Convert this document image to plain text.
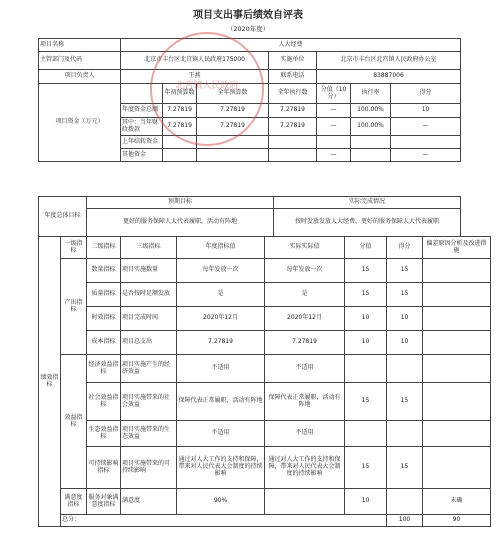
项目支出事后绩效自评表
（2020年度）
项目名称	人大经费						
主管部门及代码	北京市丰台区北宫镇人民政府175000			实施单位	北京市丰台区北宫镇人民政府办公室		
项目负责人	王燕			联系电话	83887006		
项目资金（万元）		年初预算数	全年预算数	全年执行数	分值（10分）	执行率	得分
	年度资金总额	7.27819	7.27819	7.27819	—	100.00%	10
	其中：当年财政拨款	7.27819	7.27819	7.27819	—	100.00%	—
	上年结转资金						
	其他资金				—		—
北宫镇人民政府
年度总体目标	预期目标	实际完成情况
	更好的服务保障人大代表履职，活动有阵地	按时发放发放人大经费，更好的服务保障人大代表履职
绩效指标	一级指标	二级指标	三级指标	年度指标值	实际实际值	分值	得分	偏差原因分析及改进措施	
	产出指标	数量指标	项目实施数量	每年发放一次	每年发放一次	15	15		
		质量指标	是否按时足额发放	是	是	15	15		
		时效指标	项目完成时间	2020年12月	2020年12月	10	10		
		成本指标	项目总支出	7.27819	7.27819	10	10		
	效益指标	经济效益指标	项目实施产生的经济效益	不适用	不适用				
		社会效益指标	项目实施带来的社会效益	保障代表正常履职，活动有阵地	保障代表正常履职，活动有阵地	15	15		
		生态效益指标	项目实施带来的生态效益	不适用	不适用				
		可持续影响指标	项目实施带来的可持续影响	通过对人大工作的支持和保障，带来对人民代表大会制度的持续影响	通过对人大工作的支持和保障，带来对人民代表大会制度的持续影响	15	15		
	满意度指标	服务对象满意度指标	满意度	90%		10		未确	
	总分：						100	90	
